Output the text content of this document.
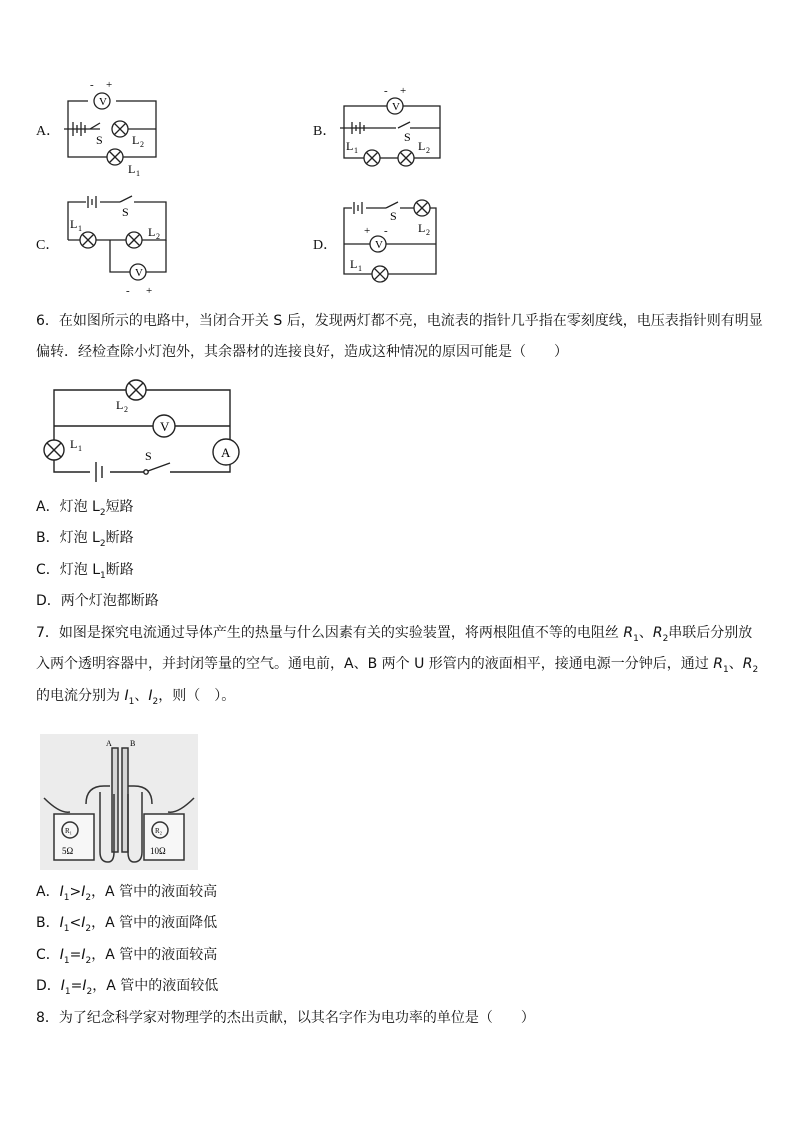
A．	B．
C．	D．
V
- +
S L 2
L 1
V
- +
S
L 1	L 2
V
- +
S
L 1	L 2
V
+ -
S
L 2
L 1
6．在如图所示的电路中，当闭合开关 S 后，发现两灯都不亮，电流表的指针几乎指在零刻度线，电压表指针则有明显
偏转．经检查除小灯泡外，其余器材的连接良好，造成这种情况的原因可能是（　　）
V
A
S
L 2
L 1
A．灯泡 $L_2$短路
B．灯泡 $L_2$断路
C．灯泡 $L_1$断路
D．两个灯泡都断路
7．如图是探究电流通过导体产生的热量与什么因素有关的实验装置，将两根阻值不等的电阻丝 $R_1$、$R_2$串联后分别放
入两个透明容器中，并封闭等量的空气。通电前，A、B 两个 U 形管内的液面相平，接通电源一分钟后，通过 $R_1$、$R_2$
的电流分别为 $I_1$、$I_2$，则（　）。
A B
R₁	R₂
5Ω	10Ω
A．$I_1>I_2$，A 管中的液面较高
B．$I_1<I_2$，A 管中的液面降低
C．$I_1=I_2$，A 管中的液面较高
D．$I_1=I_2$，A 管中的液面较低
8．为了纪念科学家对物理学的杰出贡献，以其名字作为电功率的单位是（　　）
